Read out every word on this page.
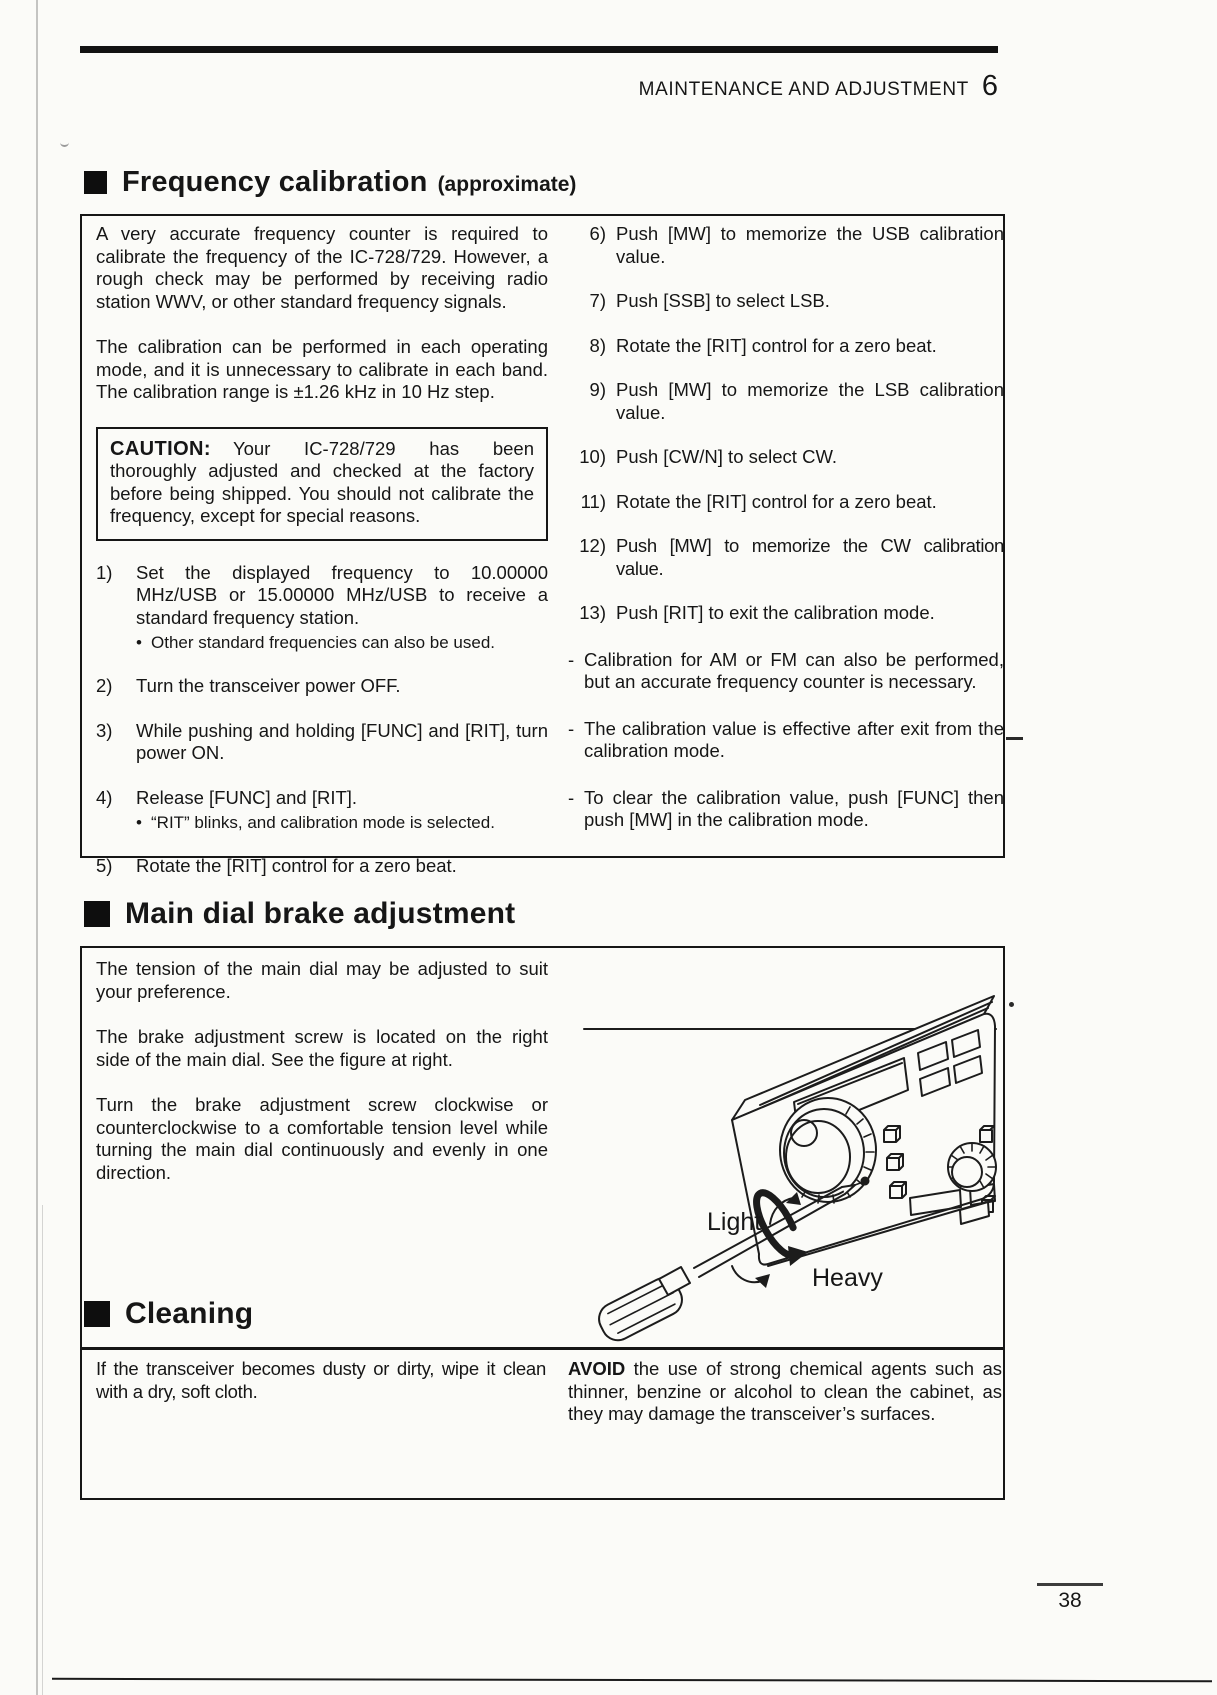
MAINTENANCE AND ADJUSTMENT 6
Frequency calibration (approximate)
A very accurate frequency counter is required to calibrate the frequency of the IC-728/729. However, a rough check may be performed by receiving radio station WWV, or other standard frequency signals.
The calibration can be performed in each operating mode, and it is unnecessary to calibrate in each band. The calibration range is ±1.26 kHz in 10 Hz step.
CAUTION: Your IC-728/729 has been thoroughly adjusted and checked at the factory before being shipped. You should not calibrate the frequency, except for special reasons.
1)	Set the displayed frequency to 10.00000 MHz/USB or 15.00000 MHz/USB to receive a standard frequency station.
• Other standard frequencies can also be used.
2)	Turn the transceiver power OFF.
3)	While pushing and holding [FUNC] and [RIT], turn power ON.
4)	Release [FUNC] and [RIT].
• “RIT” blinks, and calibration mode is selected.
5)	Rotate the [RIT] control for a zero beat.
6) Push [MW] to memorize the USB calibration value.
7) Push [SSB] to select LSB.
8) Rotate the [RIT] control for a zero beat.
9) Push [MW] to memorize the LSB calibration value.
10) Push [CW/N] to select CW.
11) Rotate the [RIT] control for a zero beat.
12) Push [MW] to memorize the CW calibration value.
13) Push [RIT] to exit the calibration mode.
- Calibration for AM or FM can also be performed, but an accurate frequency counter is necessary.
- The calibration value is effective after exit from the calibration mode.
- To clear the calibration value, push [FUNC] then push [MW] in the calibration mode.
Main dial brake adjustment
The tension of the main dial may be adjusted to suit your preference.
The brake adjustment screw is located on the right side of the main dial. See the figure at right.
Turn the brake adjustment screw clockwise or counterclockwise to a comfortable tension level while turning the main dial continuously and evenly in one direction.
Light
Heavy
Cleaning
If the transceiver becomes dusty or dirty, wipe it clean with a dry, soft cloth.
AVOID the use of strong chemical agents such as thinner, benzine or alcohol to clean the cabinet, as they may damage the transceiver’s surfaces.
38
